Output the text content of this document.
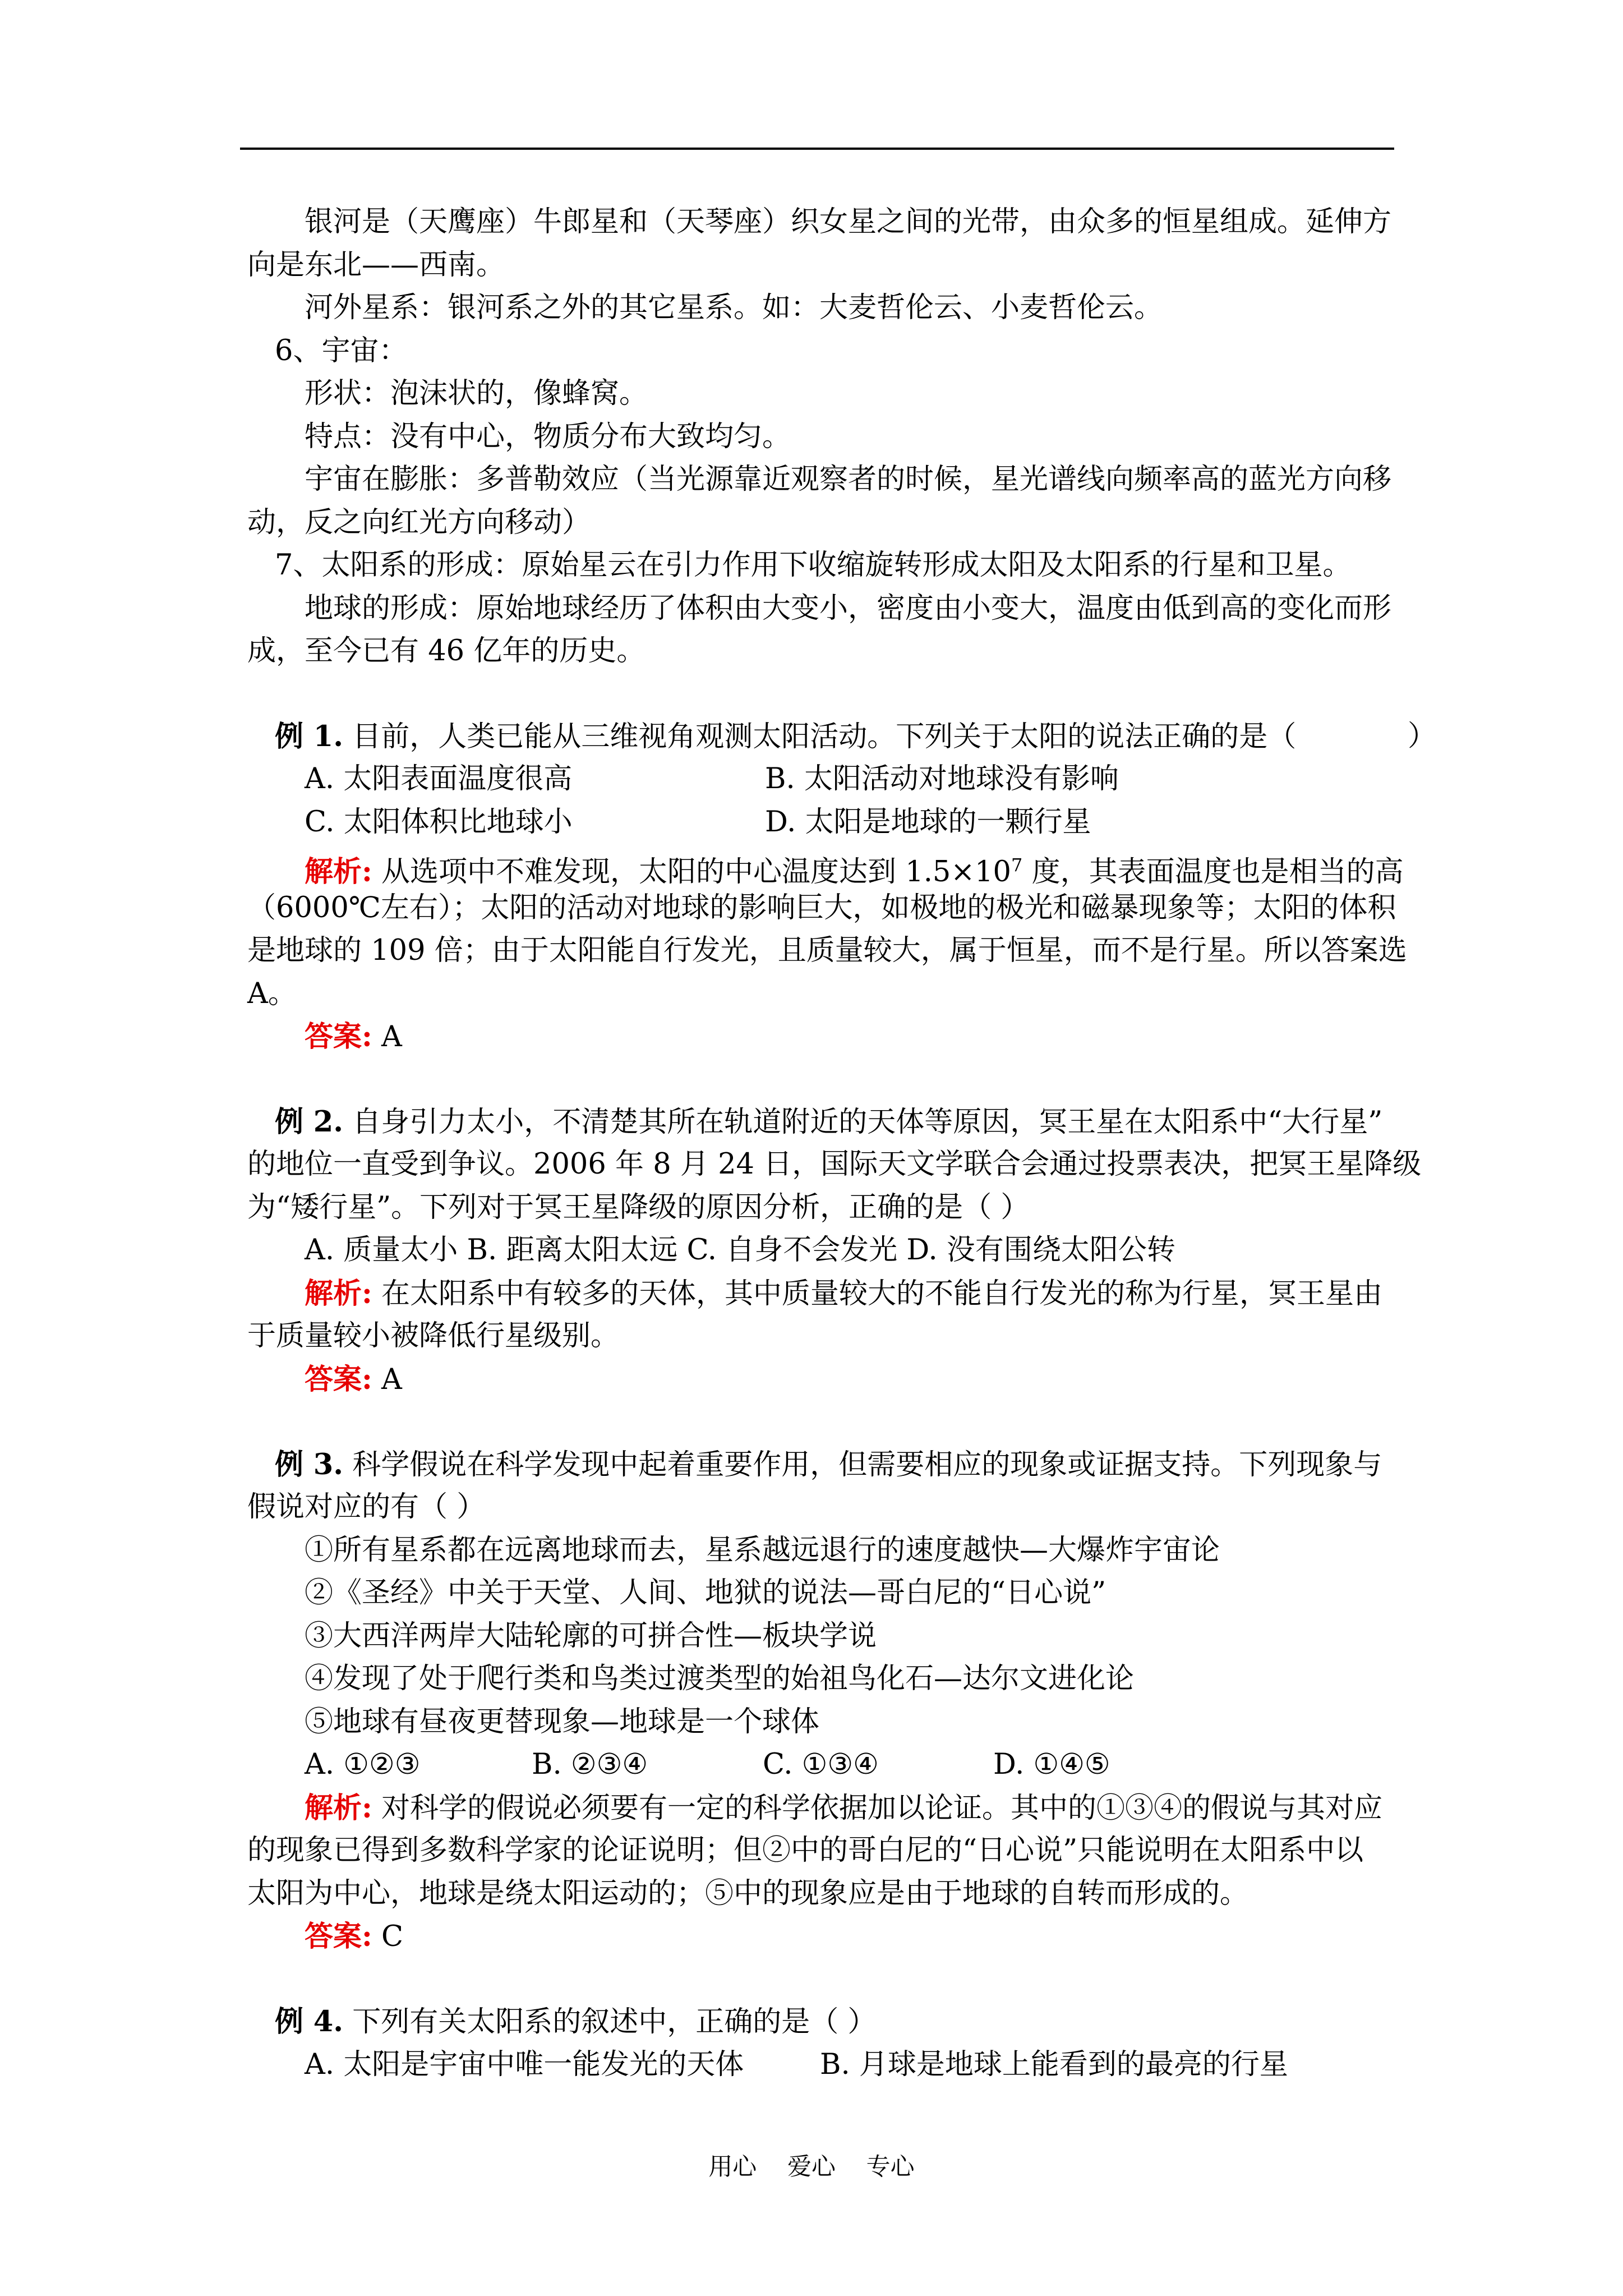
银河是（天鹰座）牛郎星和（天琴座）织女星之间的光带，由众多的恒星组成。延伸方
向是东北——西南。
河外星系：银河系之外的其它星系。如：大麦哲伦云、小麦哲伦云。
6、宇宙：
形状：泡沫状的，像蜂窝。
特点：没有中心，物质分布大致均匀。
宇宙在膨胀：多普勒效应（当光源靠近观察者的时候，星光谱线向频率高的蓝光方向移
动，反之向红光方向移动）
7、太阳系的形成：原始星云在引力作用下收缩旋转形成太阳及太阳系的行星和卫星。
地球的形成：原始地球经历了体积由大变小，密度由小变大，温度由低到高的变化而形
成，至今已有 46 亿年的历史。
例 1. 目前，人类已能从三维视角观测太阳活动。下列关于太阳的说法正确的是（	）
A. 太阳表面温度很高	B. 太阳活动对地球没有影响
C. 太阳体积比地球小	D. 太阳是地球的一颗行星
解析: 从选项中不难发现，太阳的中心温度达到 $1.5\times 10^7$ 度，其表面温度也是相当的高
（6000℃左右）；太阳的活动对地球的影响巨大，如极地的极光和磁暴现象等；太阳的体积
是地球的 109 倍；由于太阳能自行发光，且质量较大，属于恒星，而不是行星。所以答案选
A。
答案: A
例 2. 自身引力太小，不清楚其所在轨道附近的天体等原因，冥王星在太阳系中“大行星”
的地位一直受到争议。2006 年 8 月 24 日，国际天文学联合会通过投票表决，把冥王星降级
为“矮行星”。下列对于冥王星降级的原因分析，正确的是（ ）
A. 质量太小 B. 距离太阳太远 C. 自身不会发光 D. 没有围绕太阳公转
解析: 在太阳系中有较多的天体，其中质量较大的不能自行发光的称为行星，冥王星由
于质量较小被降低行星级别。
答案: A
例 3. 科学假说在科学发现中起着重要作用，但需要相应的现象或证据支持。下列现象与
假说对应的有（ ）
①所有星系都在远离地球而去，星系越远退行的速度越快—大爆炸宇宙论
②《圣经》中关于天堂、人间、地狱的说法—哥白尼的“日心说”
③大西洋两岸大陆轮廓的可拼合性—板块学说
④发现了处于爬行类和鸟类过渡类型的始祖鸟化石—达尔文进化论
⑤地球有昼夜更替现象—地球是一个球体
A. ①②③	B. ②③④	C. ①③④	D. ①④⑤
解析: 对科学的假说必须要有一定的科学依据加以论证。其中的①③④的假说与其对应
的现象已得到多数科学家的论证说明；但②中的哥白尼的“日心说”只能说明在太阳系中以
太阳为中心，地球是绕太阳运动的；⑤中的现象应是由于地球的自转而形成的。
答案: C
例 4. 下列有关太阳系的叙述中，正确的是（ ）
A. 太阳是宇宙中唯一能发光的天体	B. 月球是地球上能看到的最亮的行星
用心    爱心    专心
